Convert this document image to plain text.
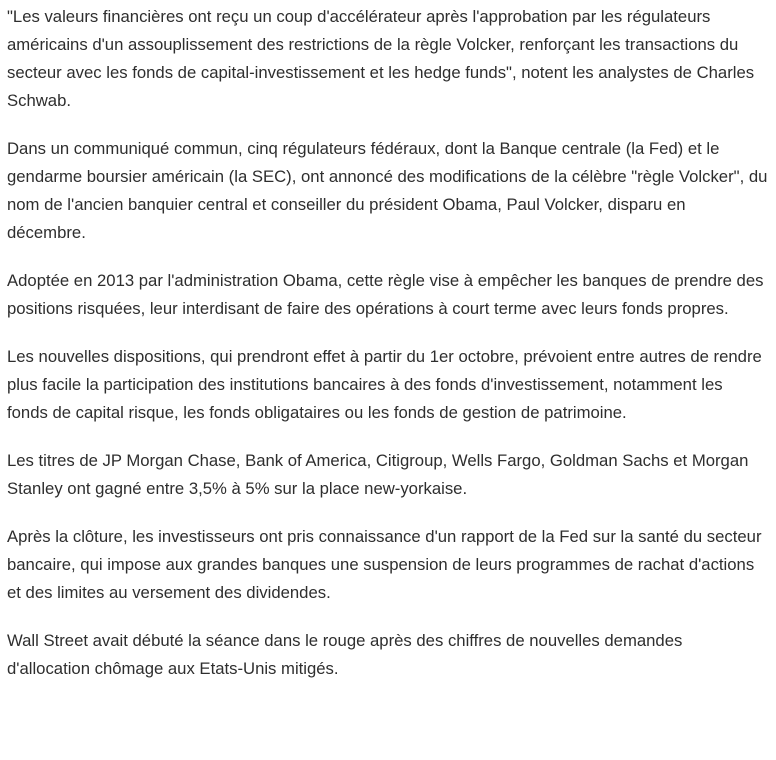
"Les valeurs financières ont reçu un coup d'accélérateur après l'approbation par les régulateurs américains d'un assouplissement des restrictions de la règle Volcker, renforçant les transactions du secteur avec les fonds de capital-investissement et les hedge funds", notent les analystes de Charles Schwab.

Dans un communiqué commun, cinq régulateurs fédéraux, dont la Banque centrale (la Fed) et le gendarme boursier américain (la SEC), ont annoncé des modifications de la célèbre "règle Volcker", du nom de l'ancien banquier central et conseiller du président Obama, Paul Volcker, disparu en décembre.

Adoptée en 2013 par l'administration Obama, cette règle vise à empêcher les banques de prendre des positions risquées, leur interdisant de faire des opérations à court terme avec leurs fonds propres.

Les nouvelles dispositions, qui prendront effet à partir du 1er octobre, prévoient entre autres de rendre plus facile la participation des institutions bancaires à des fonds d'investissement, notamment les fonds de capital risque, les fonds obligataires ou les fonds de gestion de patrimoine.

Les titres de JP Morgan Chase, Bank of America, Citigroup, Wells Fargo, Goldman Sachs et Morgan Stanley ont gagné entre 3,5% à 5% sur la place new-yorkaise.

Après la clôture, les investisseurs ont pris connaissance d'un rapport de la Fed sur la santé du secteur bancaire, qui impose aux grandes banques une suspension de leurs programmes de rachat d'actions et des limites au versement des dividendes.

Wall Street avait débuté la séance dans le rouge après des chiffres de nouvelles demandes d'allocation chômage aux Etats-Unis mitigés.
